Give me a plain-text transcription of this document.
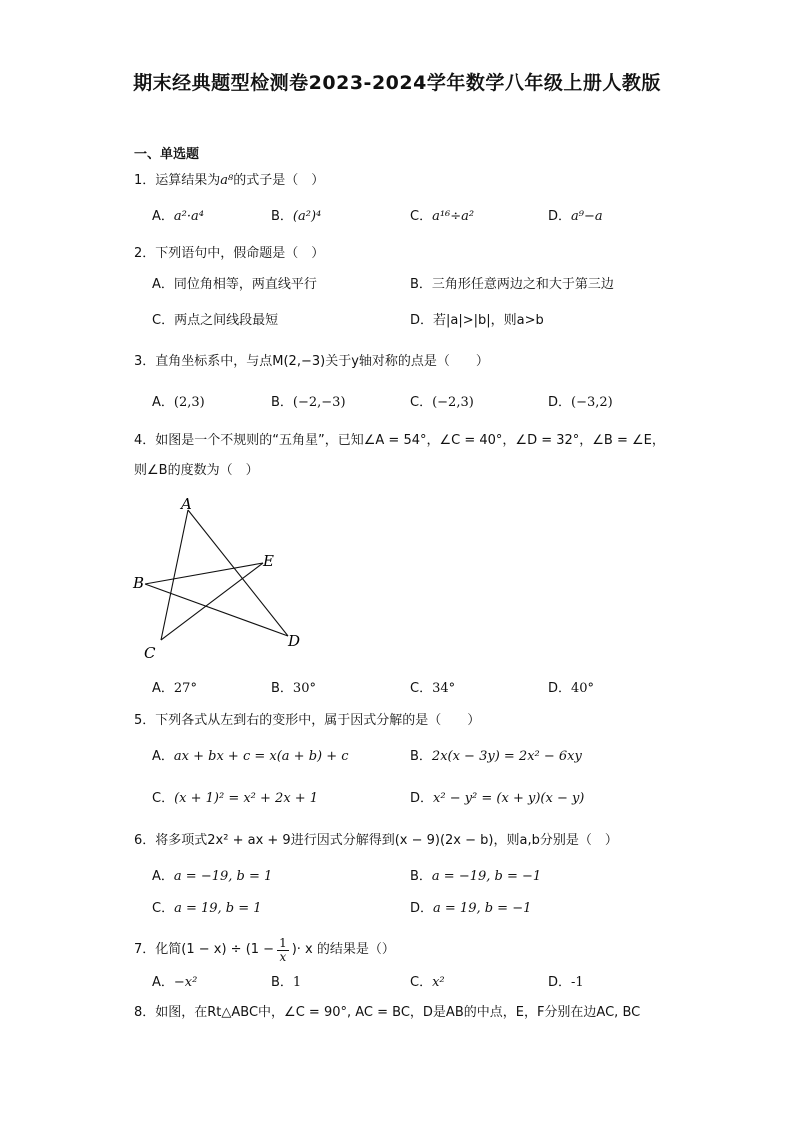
期末经典题型检测卷2023-2024学年数学八年级上册人教版
一、单选题
1．运算结果为a⁸的式子是（　）
A．a²·a⁴	B．(a²)⁴	C．a¹⁶÷a²	D．a⁹−a
2．下列语句中，假命题是（　）
A．同位角相等，两直线平行	B．三角形任意两边之和大于第三边
C．两点之间线段最短	D．若|a|>|b|，则a>b
3．直角坐标系中，与点M(2,−3)关于y轴对称的点是（　　）
A．(2,3)	B．(−2,−3)	C．(−2,3)	D．(−3,2)
4．如图是一个不规则的“五角星”，已知∠A = 54°，∠C = 40°，∠D = 32°，∠B = ∠E，
则∠B的度数为（　）
A
B
C
D
E
A．27°	B．30°	C．34°	D．40°
5．下列各式从左到右的变形中，属于因式分解的是（　　）
A．ax + bx + c = x(a + b) + c	B．2x(x − 3y) = 2x² − 6xy
C．(x + 1)² = x² + 2x + 1	D．x² − y² = (x + y)(x − y)
6．将多项式2x² + ax + 9进行因式分解得到(x − 9)(2x − b)，则a,b分别是（　）
A．a = −19, b = 1	B．a = −19, b = −1
C．a = 19, b = 1	D．a = 19, b = −1
7．化简$(1 - x) \div (1 - \frac{1}{x}$ )· x 的结果是（）
A．−x²	B．1	C．x²	D．-1
8．如图，在Rt△ABC中，∠C = 90°, AC = BC，D是AB的中点，E，F分别在边AC, BC
